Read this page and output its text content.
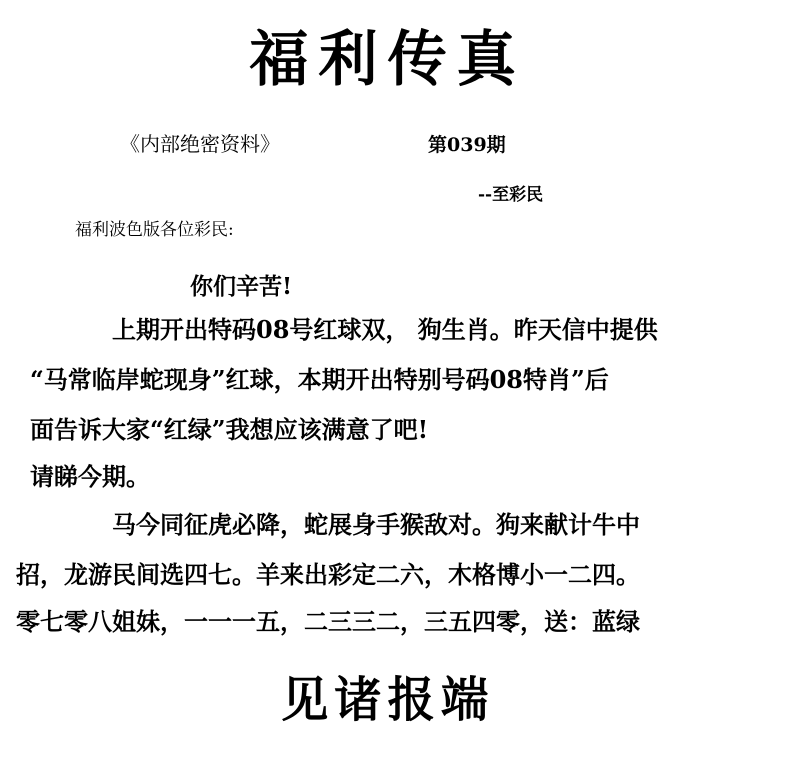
福利传真
《内部绝密资料》	第039期
--至彩民
福利波色版各位彩民:
你们辛苦!
上期开出特码08号红球双， 狗生肖。昨天信中提供
“马常临岸蛇现身”红球，本期开出特别号码08特肖”后
面告诉大家“红绿”我想应该满意了吧!
请睇今期。
马今同征虎必降，蛇展身手猴敌对。狗来献计牛中
招，龙游民间选四七。羊来出彩定二六，木格博小一二四。
零七零八姐妹，一一一五，二三三二，三五四零，送：蓝绿
见诸报端
